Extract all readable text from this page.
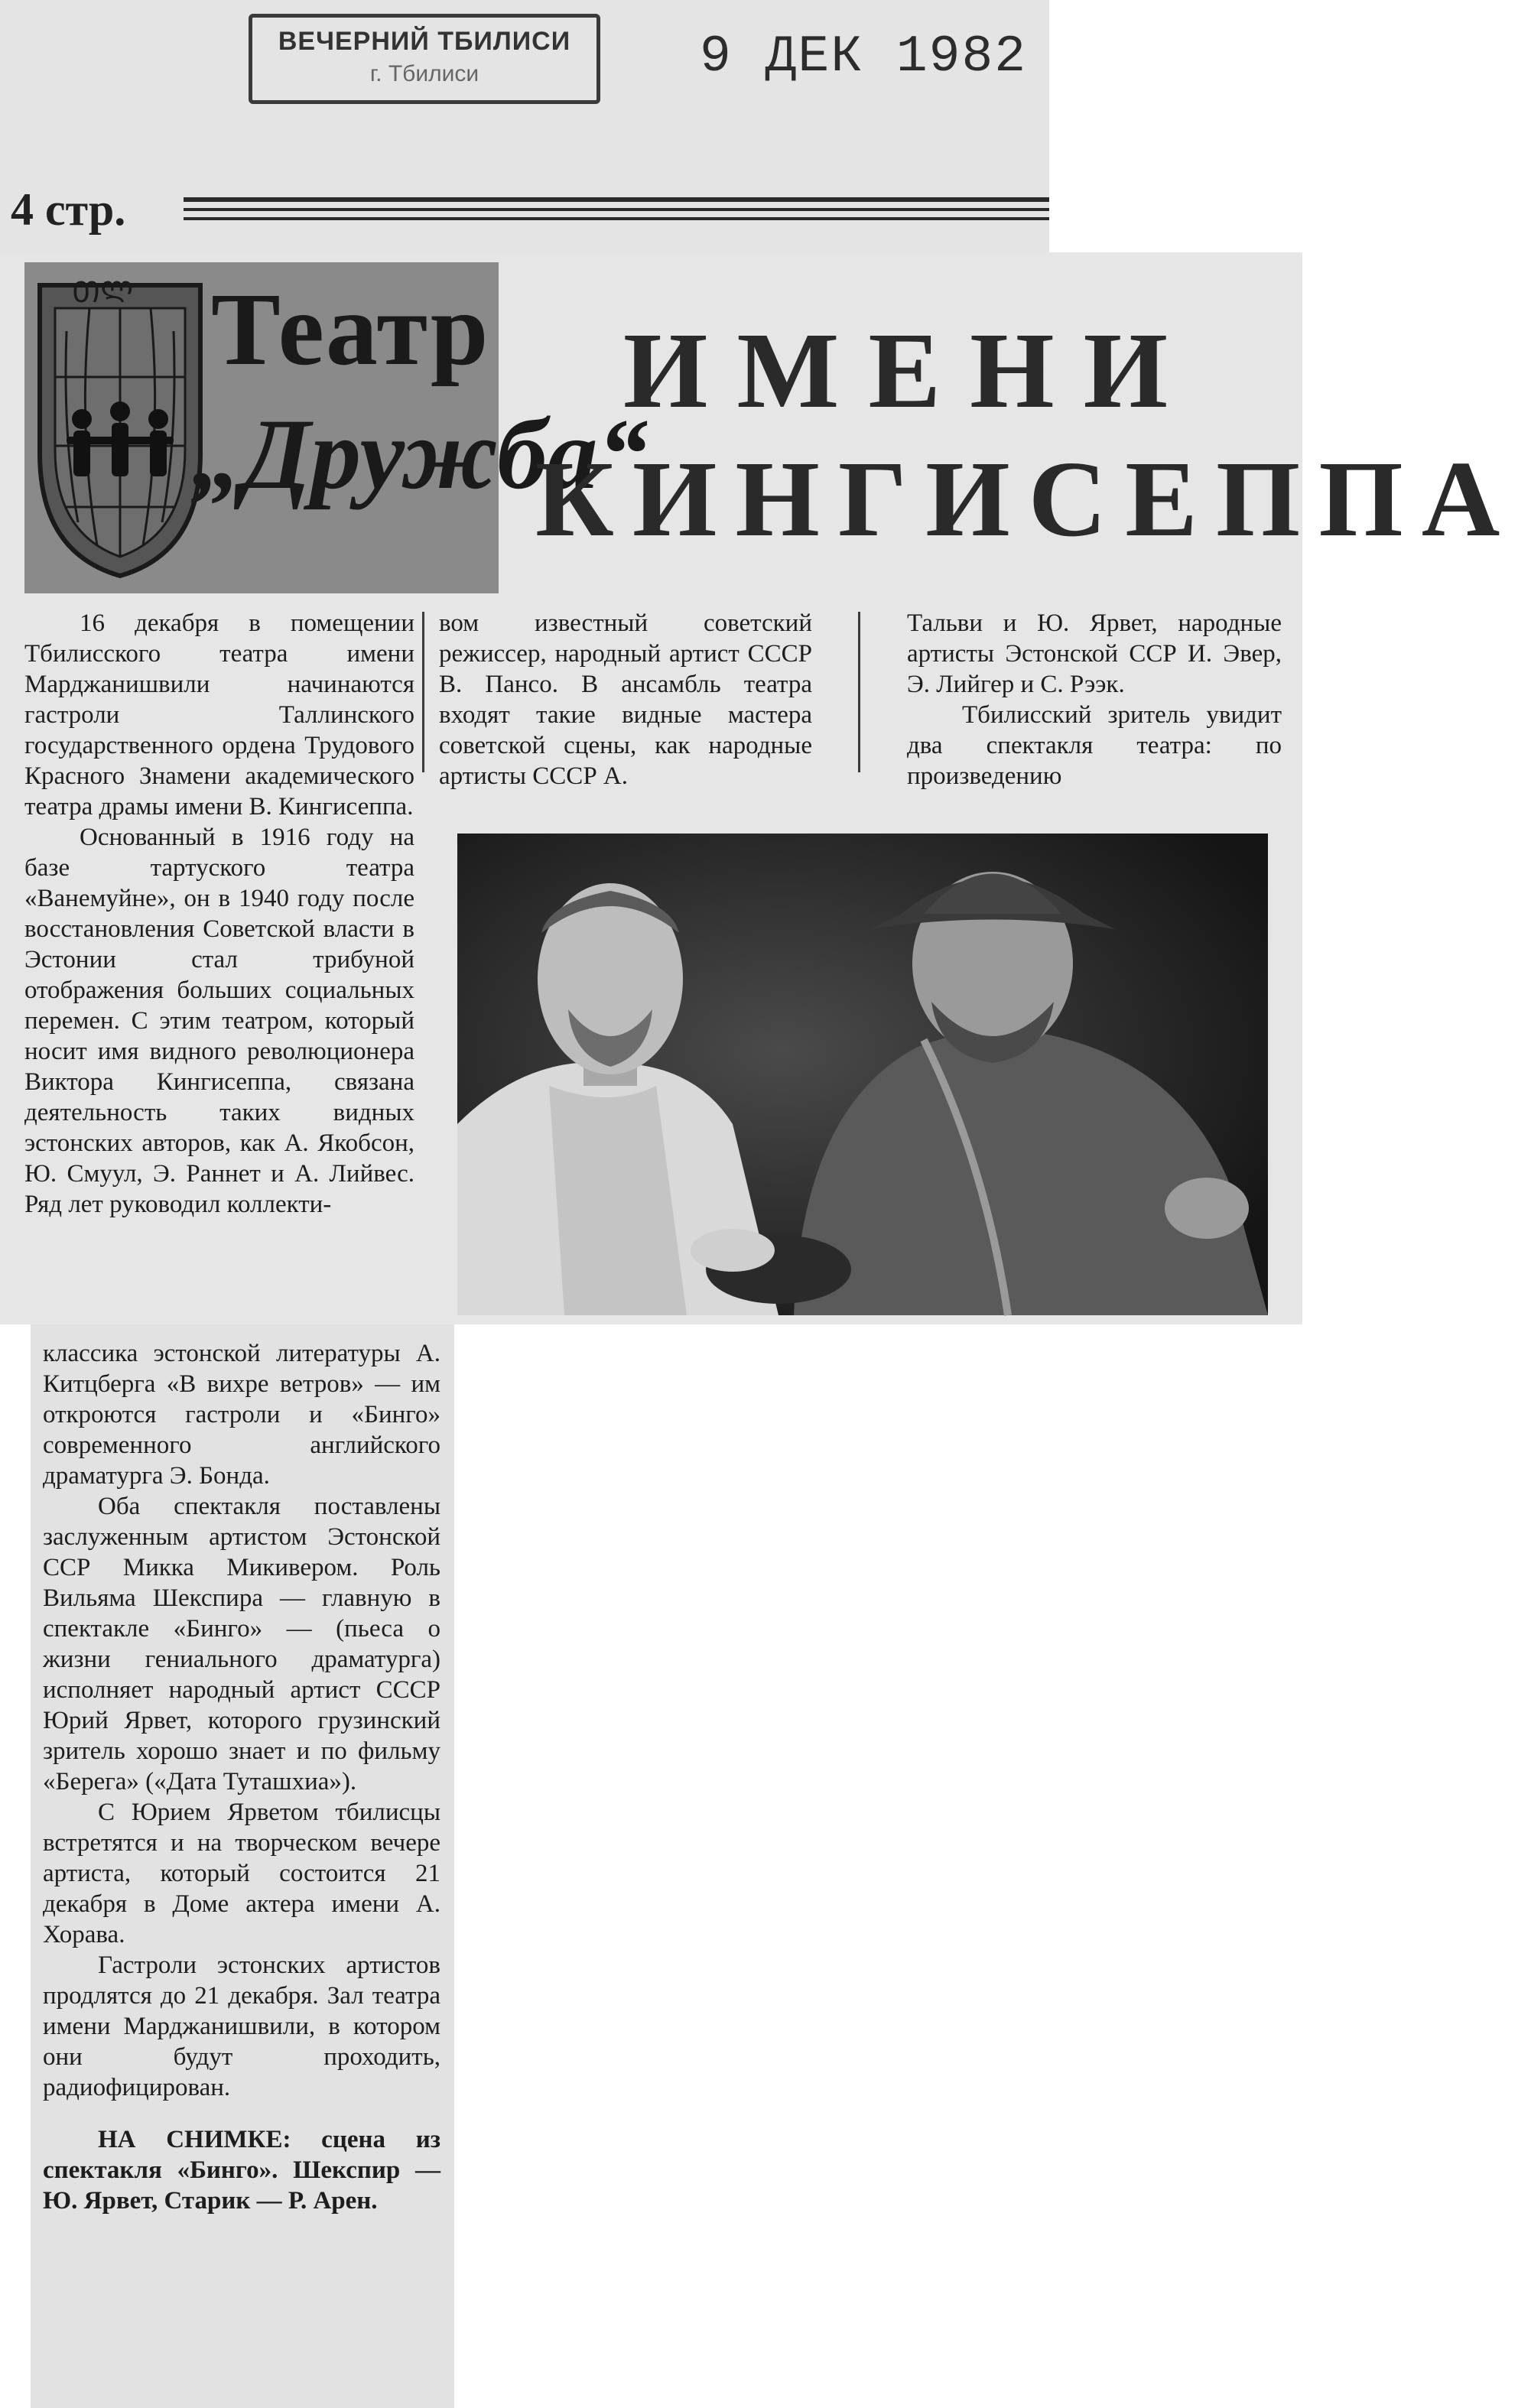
ВЕЧЕРНИЙ ТБИЛИСИ
г. Тбилиси	9 ДЕК 1982
4 стр.
ᲗᲚ Театр
„Дружба“
ИМЕНИ
КИНГИСЕППА

16 декабря в помещении Тбилисского театра имени Марджанишвили начинаются гастроли Таллинского государственного ордена Трудового Красного Знамени академического театра драмы имени В. Кингисеппа.

Основанный в 1916 году на базе тартуского театра «Ванемуйне», он в 1940 году после восстановления Советской власти в Эстонии стал трибуной отображения больших социальных перемен. С этим театром, который носит имя видного революционера Виктора Кингисеппа, связана деятельность таких видных эстонских авторов, как А. Якобсон, Ю. Смуул, Э. Раннет и А. Лийвес. Ряд лет руководил коллекти-

вом известный советский режиссер, народный артист СССР В. Пансо. В ансамбль театра входят такие видные мастера советской сцены, как народные артисты СССР А.

Тальви и Ю. Ярвет, народные артисты Эстонской ССР И. Эвер, Э. Лийгер и С. Рээк.

Тбилисский зритель увидит два спектакля театра: по произведению

классика эстонской литературы А. Китцберга «В вихре ветров» — им откроются гастроли и «Бинго» современного английского драматурга Э. Бонда.

Оба спектакля поставлены заслуженным артистом Эстонской ССР Микка Микивером. Роль Вильяма Шекспира — главную в спектакле «Бинго» — (пьеса о жизни гениального драматурга) исполняет народный артист СССР Юрий Ярвет, которого грузинский зритель хорошо знает и по фильму «Берега» («Дата Туташхиа»).

С Юрием Ярветом тбилисцы встретятся и на творческом вечере артиста, который состоится 21 декабря в Доме актера имени А. Хорава.

Гастроли эстонских артистов продлятся до 21 декабря. Зал театра имени Марджанишвили, в котором они будут проходить, радиофицирован.

НА СНИМКЕ: сцена из спектакля «Бинго». Шекспир — Ю. Ярвет, Старик — Р. Арен.
